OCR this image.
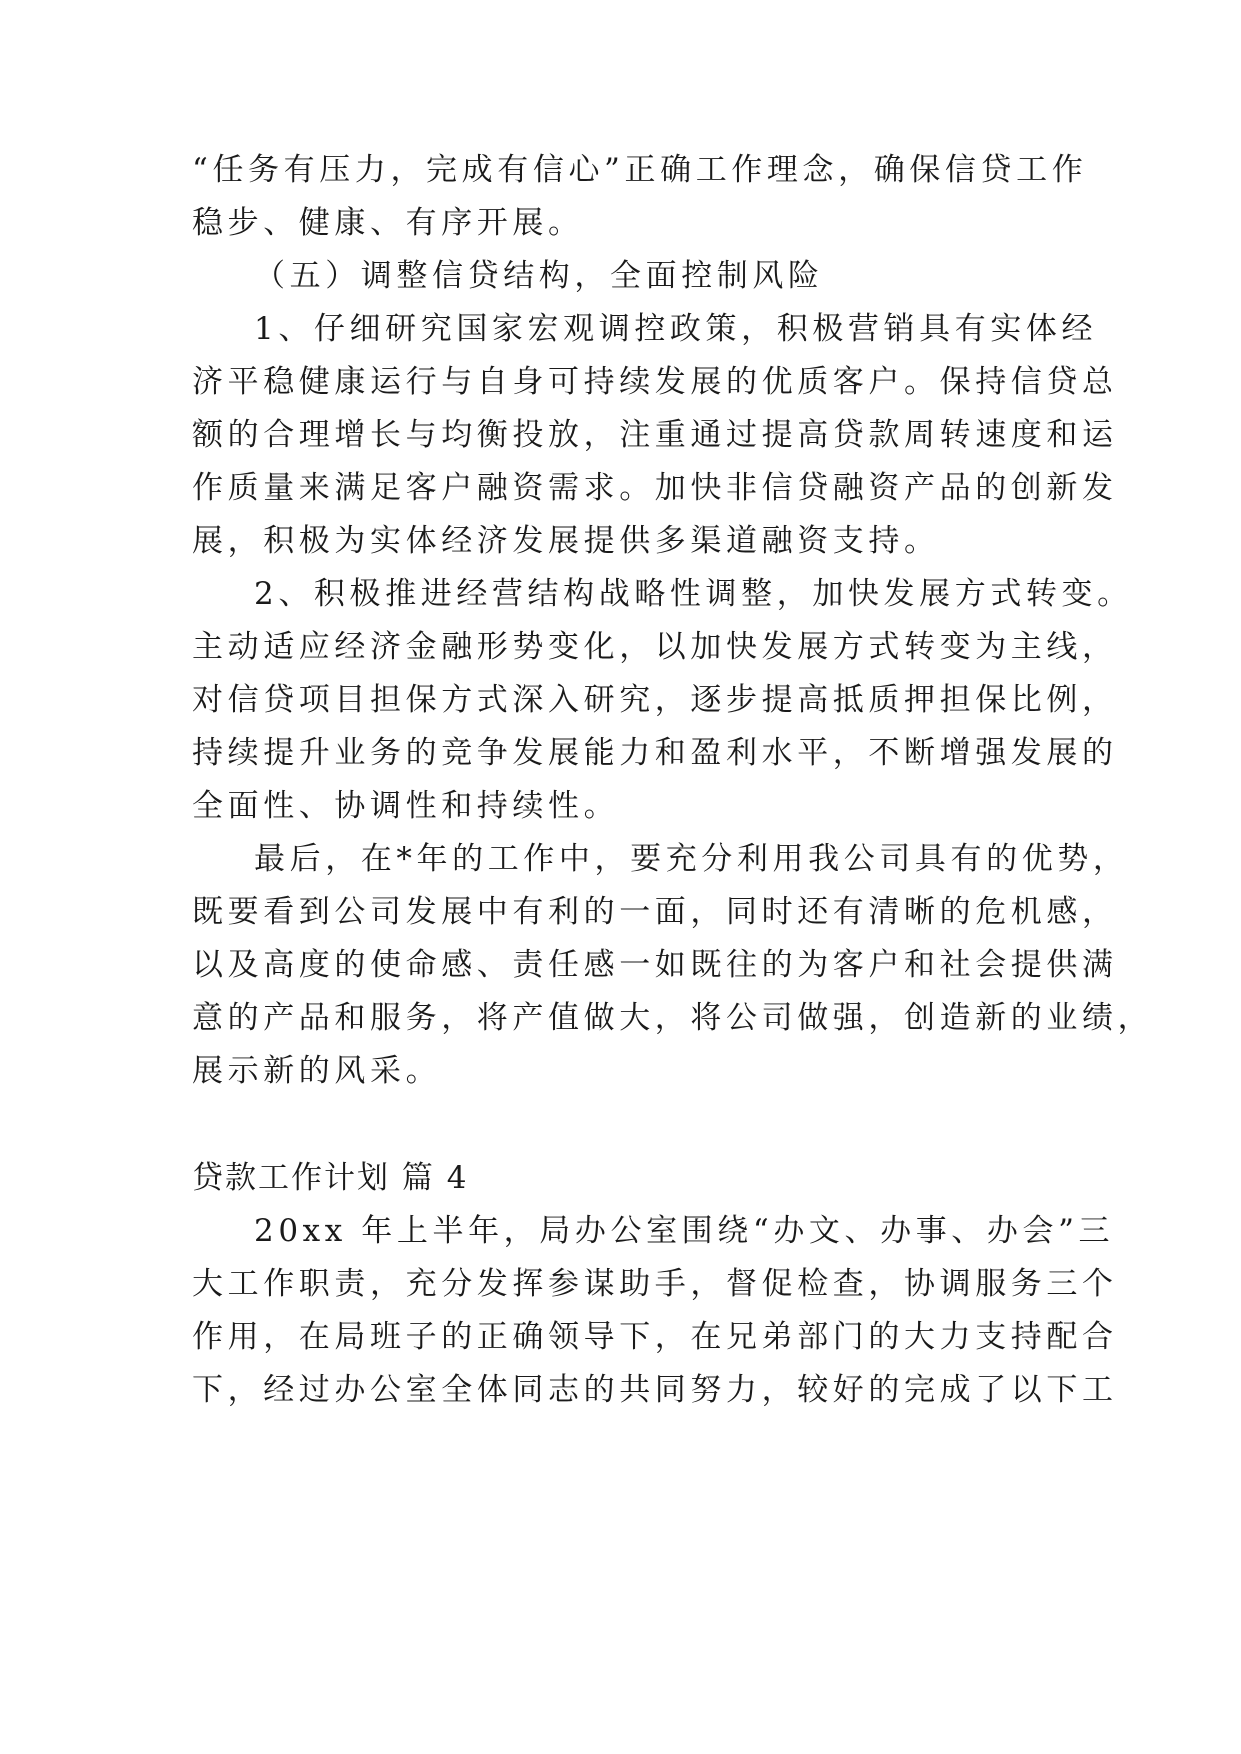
“任务有压力，完成有信心”正确工作理念，确保信贷工作
稳步、健康、有序开展。
（五）调整信贷结构，全面控制风险
1、仔细研究国家宏观调控政策，积极营销具有实体经
济平稳健康运行与自身可持续发展的优质客户。保持信贷总
额的合理增长与均衡投放，注重通过提高贷款周转速度和运
作质量来满足客户融资需求。加快非信贷融资产品的创新发
展，积极为实体经济发展提供多渠道融资支持。
2、积极推进经营结构战略性调整，加快发展方式转变。
主动适应经济金融形势变化，以加快发展方式转变为主线，
对信贷项目担保方式深入研究，逐步提高抵质押担保比例，
持续提升业务的竞争发展能力和盈利水平，不断增强发展的
全面性、协调性和持续性。
最后，在*年的工作中，要充分利用我公司具有的优势，
既要看到公司发展中有利的一面，同时还有清晰的危机感，
以及高度的使命感、责任感一如既往的为客户和社会提供满
意的产品和服务，将产值做大，将公司做强，创造新的业绩，
展示新的风采。
贷款工作计划 篇 4
20xx 年上半年，局办公室围绕“办文、办事、办会”三
大工作职责，充分发挥参谋助手，督促检查，协调服务三个
作用，在局班子的正确领导下，在兄弟部门的大力支持配合
下，经过办公室全体同志的共同努力，较好的完成了以下工
